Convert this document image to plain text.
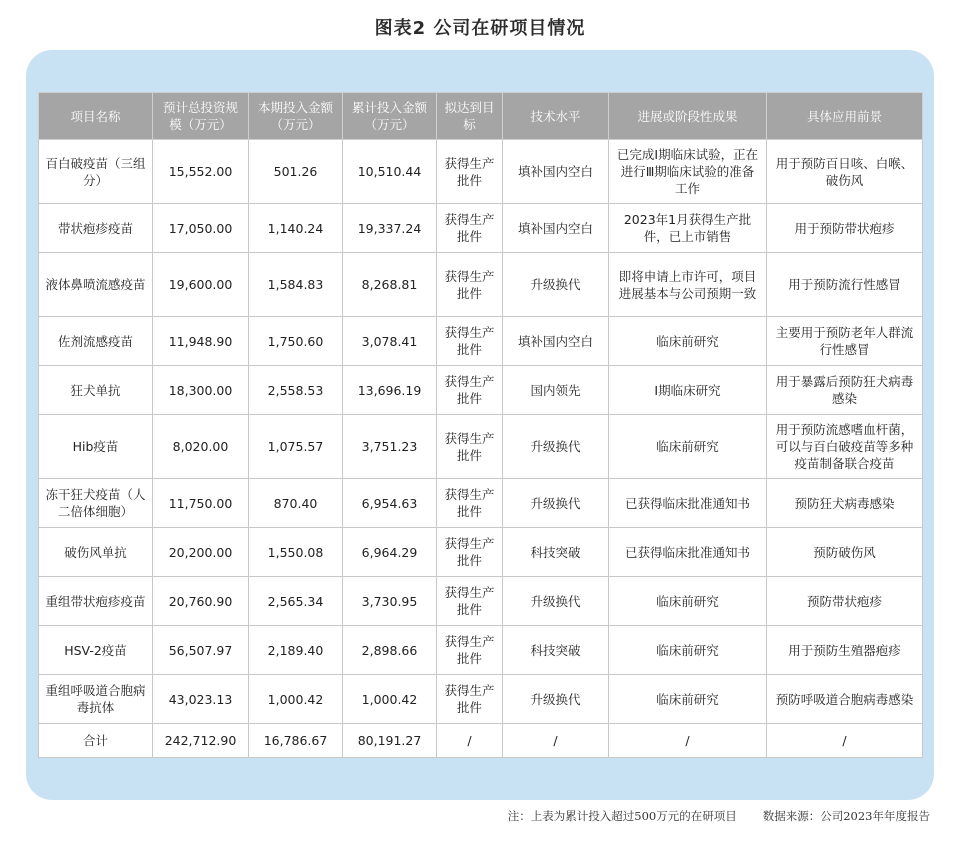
图表2 公司在研项目情况
项目名称	预计总投资规模（万元）	本期投入金额（万元）	累计投入金额（万元）	拟达到目标	技术水平	进展或阶段性成果	具体应用前景
百白破疫苗（三组分）	15,552.00	501.26	10,510.44	获得生产批件	填补国内空白	已完成Ⅰ期临床试验，正在进行Ⅲ期临床试验的准备工作	用于预防百日咳、白喉、破伤风
带状疱疹疫苗	17,050.00	1,140.24	19,337.24	获得生产批件	填补国内空白	2023年1月获得生产批件，已上市销售	用于预防带状疱疹
液体鼻喷流感疫苗	19,600.00	1,584.83	8,268.81	获得生产批件	升级换代	即将申请上市许可，项目进展基本与公司预期一致	用于预防流行性感冒
佐剂流感疫苗	11,948.90	1,750.60	3,078.41	获得生产批件	填补国内空白	临床前研究	主要用于预防老年人群流行性感冒
狂犬单抗	18,300.00	2,558.53	13,696.19	获得生产批件	国内领先	Ⅰ期临床研究	用于暴露后预防狂犬病毒感染
Hib疫苗	8,020.00	1,075.57	3,751.23	获得生产批件	升级换代	临床前研究	用于预防流感嗜血杆菌，可以与百白破疫苗等多种疫苗制备联合疫苗
冻干狂犬疫苗（人二倍体细胞）	11,750.00	870.40	6,954.63	获得生产批件	升级换代	已获得临床批准通知书	预防狂犬病毒感染
破伤风单抗	20,200.00	1,550.08	6,964.29	获得生产批件	科技突破	已获得临床批准通知书	预防破伤风
重组带状疱疹疫苗	20,760.90	2,565.34	3,730.95	获得生产批件	升级换代	临床前研究	预防带状疱疹
HSV-2疫苗	56,507.97	2,189.40	2,898.66	获得生产批件	科技突破	临床前研究	用于预防生殖器疱疹
重组呼吸道合胞病毒抗体	43,023.13	1,000.42	1,000.42	获得生产批件	升级换代	临床前研究	预防呼吸道合胞病毒感染
合计	242,712.90	16,786.67	80,191.27	/	/	/	/
注：上表为累计投入超过500万元的在研项目 数据来源：公司2023年年度报告
